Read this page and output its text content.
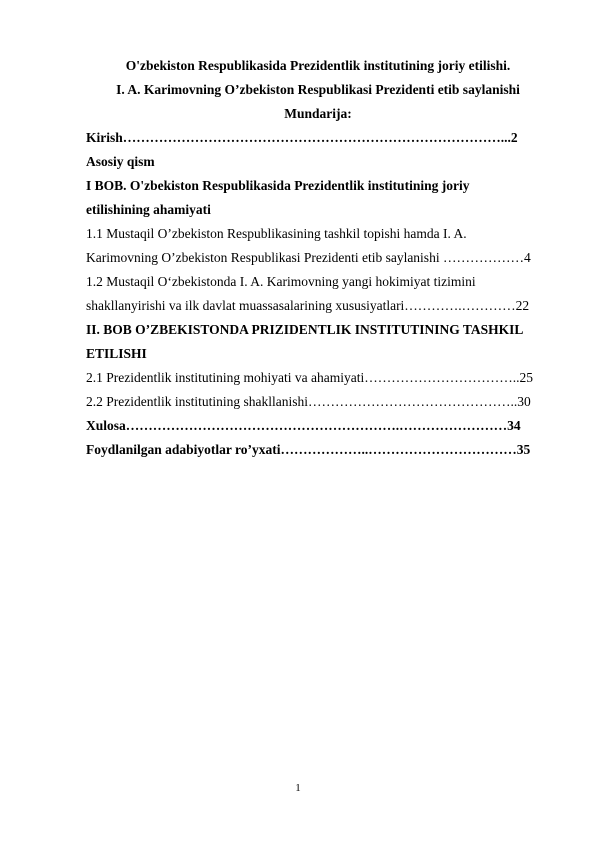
O'zbekiston Respublikasida Prezidentlik institutining joriy etilishi.
I. A. Karimovning O’zbekiston Respublikasi Prezidenti etib saylanishi
Mundarija:
Kirish…………………………………………………………………………...2
Asosiy qism
I BOB. O'zbekiston Respublikasida Prezidentlik institutining joriy
etilishining ahamiyati
1.1 Mustaqil O’zbekiston Respublikasining tashkil topishi hamda I. A.
Karimovning O’zbekiston Respublikasi Prezidenti etib saylanishi ………………4
1.2 Mustaqil O‘zbekistonda I. A. Karimovning yangi hokimiyat tizimini
shakllanyirishi va ilk davlat muassasalarining xususiyatlari………….…………22
II. BOB O’ZBEKISTONDA PRIZIDENTLIK INSTITUTINING TASHKIL
ETILISHI
2.1 Prezidentlik institutining mohiyati va ahamiyati……………………………..25
2.2 Prezidentlik institutining shakllanishi………………………………………..30
Xulosa…………………………………………………….……………………34
Foydlanilgan adabiyotlar ro’yxati………………..……………………………35
1
